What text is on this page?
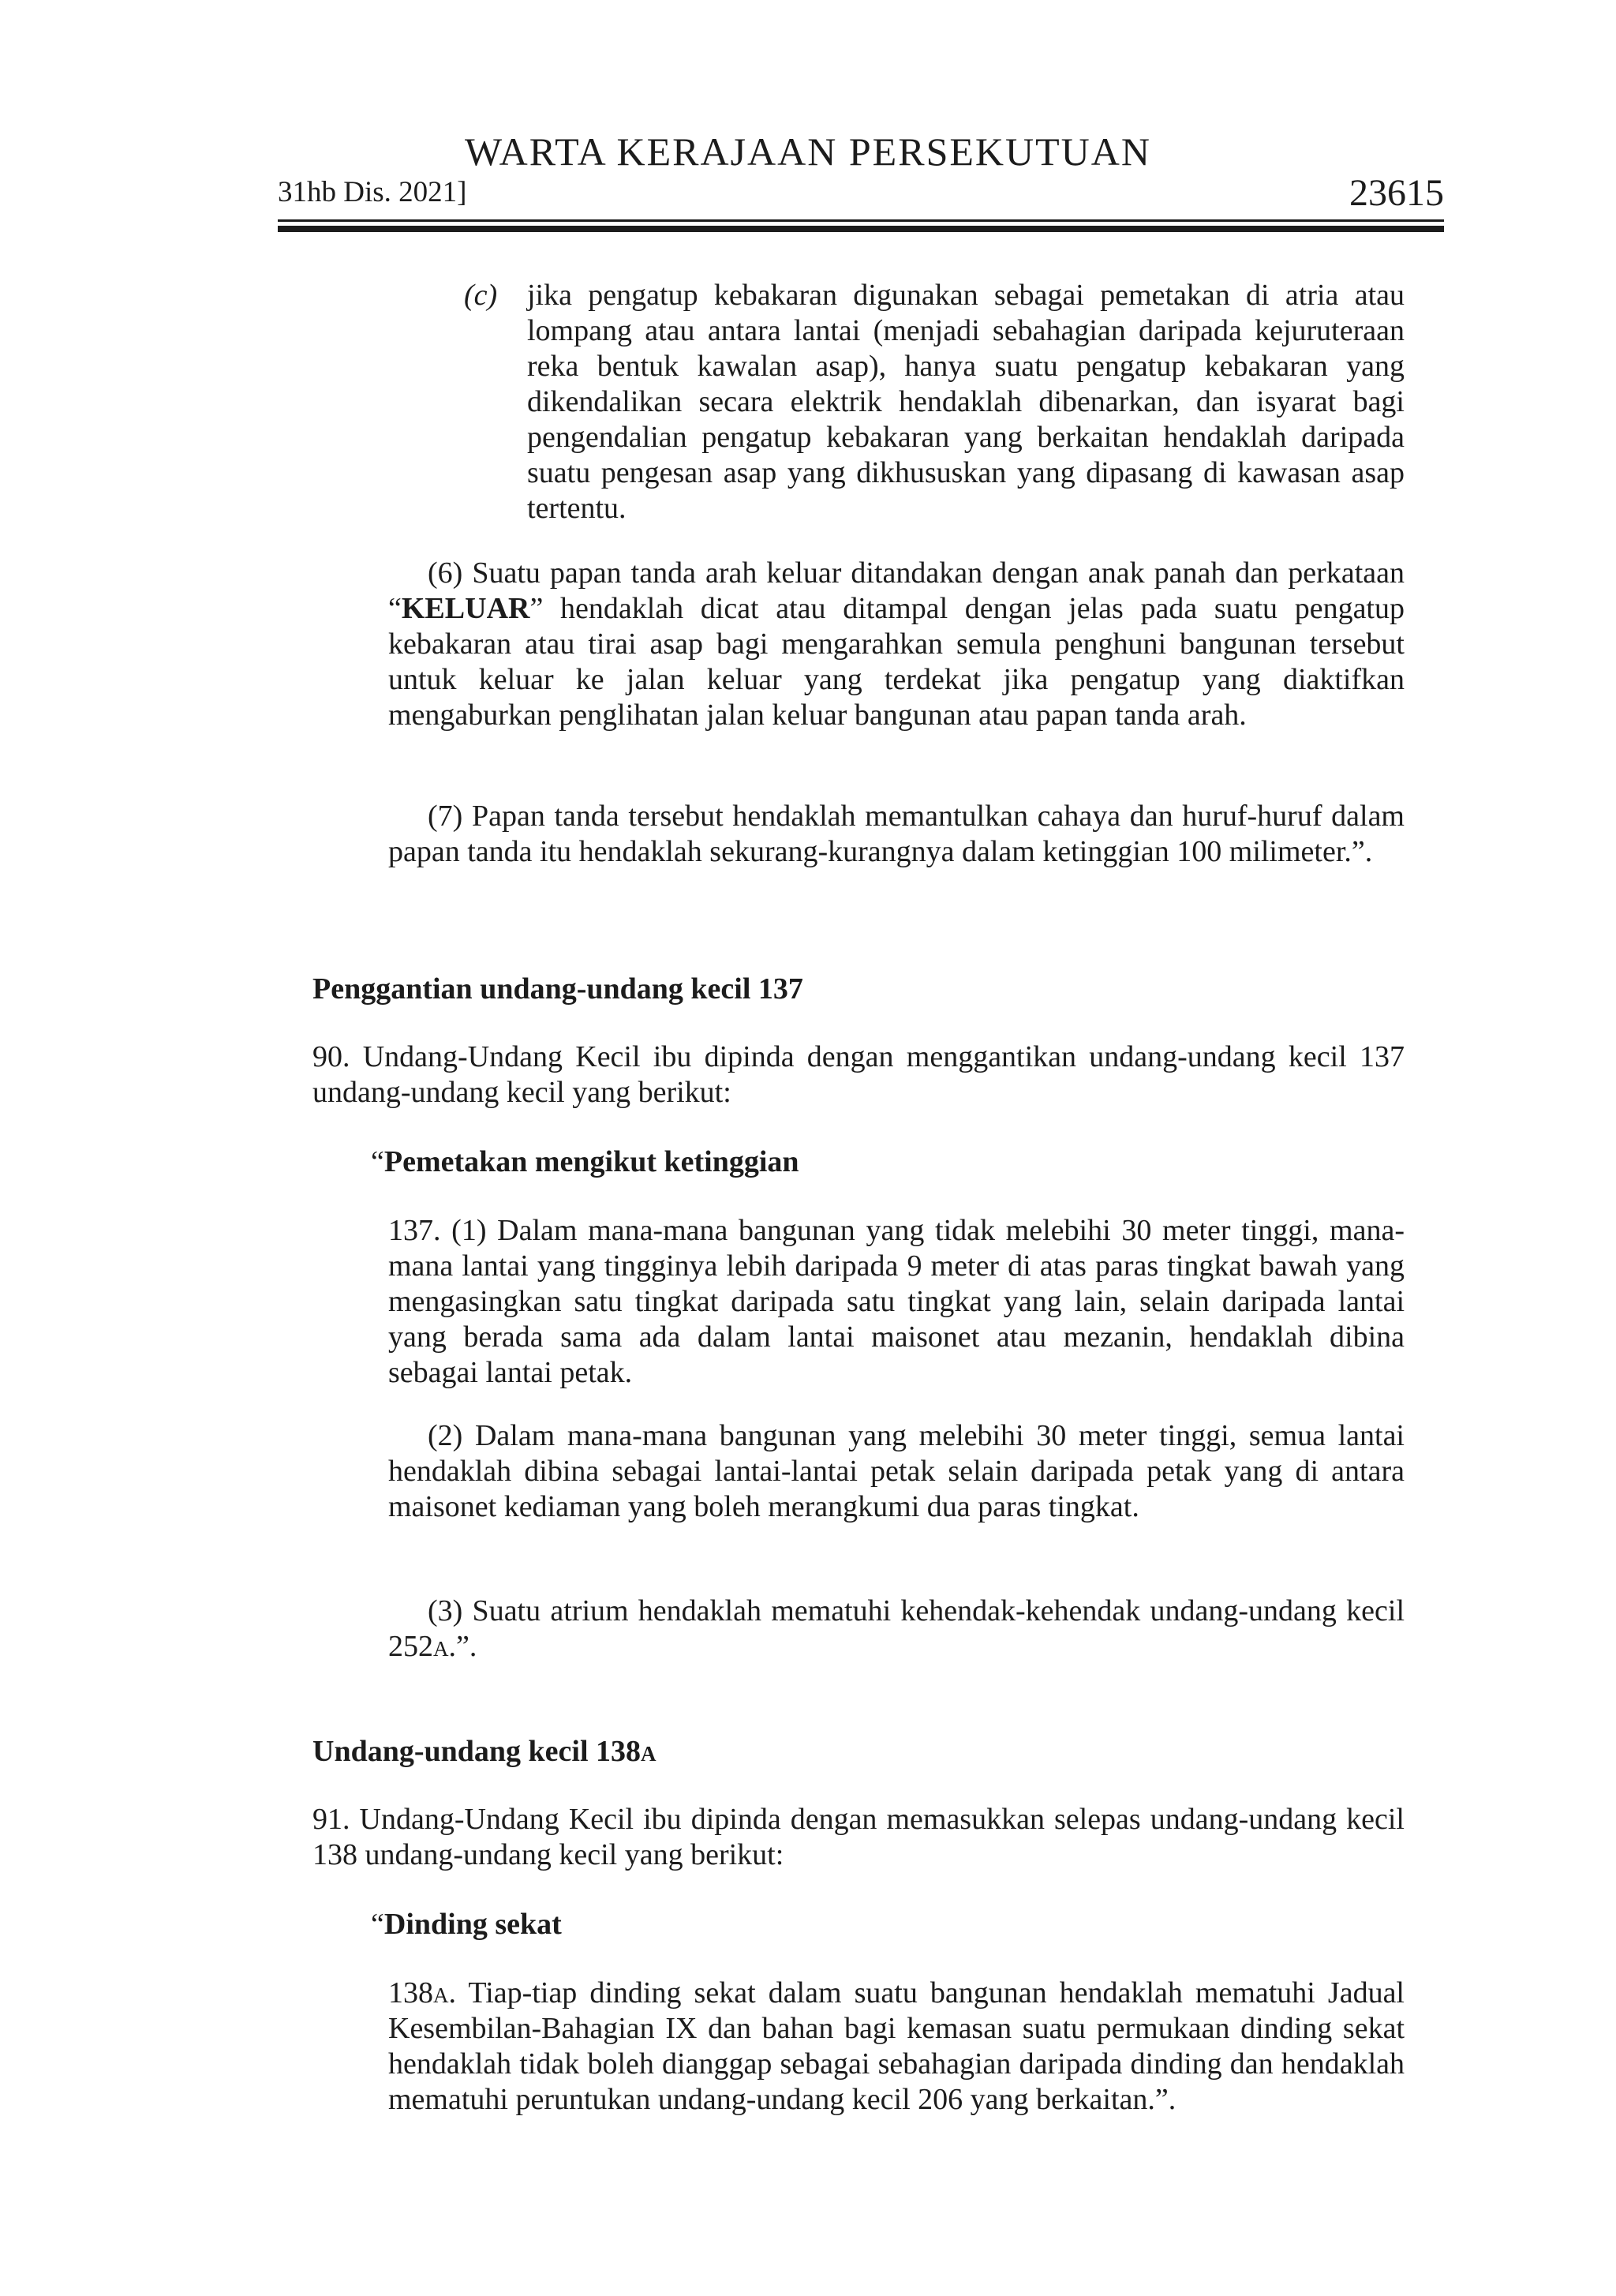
WARTA KERAJAAN PERSEKUTUAN
31hb Dis. 2021]	23615
(c) jika pengatup kebakaran digunakan sebagai pemetakan di atria atau lompang atau antara lantai (menjadi sebahagian daripada kejuruteraan reka bentuk kawalan asap), hanya suatu pengatup kebakaran yang dikendalikan secara elektrik hendaklah dibenarkan, dan isyarat bagi pengendalian pengatup kebakaran yang berkaitan hendaklah daripada suatu pengesan asap yang dikhususkan yang dipasang di kawasan asap tertentu.
(6) Suatu papan tanda arah keluar ditandakan dengan anak panah dan perkataan “KELUAR” hendaklah dicat atau ditampal dengan jelas pada suatu pengatup kebakaran atau tirai asap bagi mengarahkan semula penghuni bangunan tersebut untuk keluar ke jalan keluar yang terdekat jika pengatup yang diaktifkan mengaburkan penglihatan jalan keluar bangunan atau papan tanda arah.
(7) Papan tanda tersebut hendaklah memantulkan cahaya dan huruf-huruf dalam papan tanda itu hendaklah sekurang-kurangnya dalam ketinggian 100 milimeter.”.
Penggantian undang-undang kecil 137
90. Undang-Undang Kecil ibu dipinda dengan menggantikan undang-undang kecil 137 undang-undang kecil yang berikut:
“Pemetakan mengikut ketinggian
137. (1) Dalam mana-mana bangunan yang tidak melebihi 30 meter tinggi, mana-mana lantai yang tingginya lebih daripada 9 meter di atas paras tingkat bawah yang mengasingkan satu tingkat daripada satu tingkat yang lain, selain daripada lantai yang berada sama ada dalam lantai maisonet atau mezanin, hendaklah dibina sebagai lantai petak.
(2) Dalam mana-mana bangunan yang melebihi 30 meter tinggi, semua lantai hendaklah dibina sebagai lantai-lantai petak selain daripada petak yang di antara maisonet kediaman yang boleh merangkumi dua paras tingkat.
(3) Suatu atrium hendaklah mematuhi kehendak-kehendak undang-undang kecil 252a.”.
Undang-undang kecil 138a
91. Undang-Undang Kecil ibu dipinda dengan memasukkan selepas undang-undang kecil 138 undang-undang kecil yang berikut:
“Dinding sekat
138a. Tiap-tiap dinding sekat dalam suatu bangunan hendaklah mematuhi Jadual Kesembilan-Bahagian IX dan bahan bagi kemasan suatu permukaan dinding sekat hendaklah tidak boleh dianggap sebagai sebahagian daripada dinding dan hendaklah mematuhi peruntukan undang-undang kecil 206 yang berkaitan.”.
